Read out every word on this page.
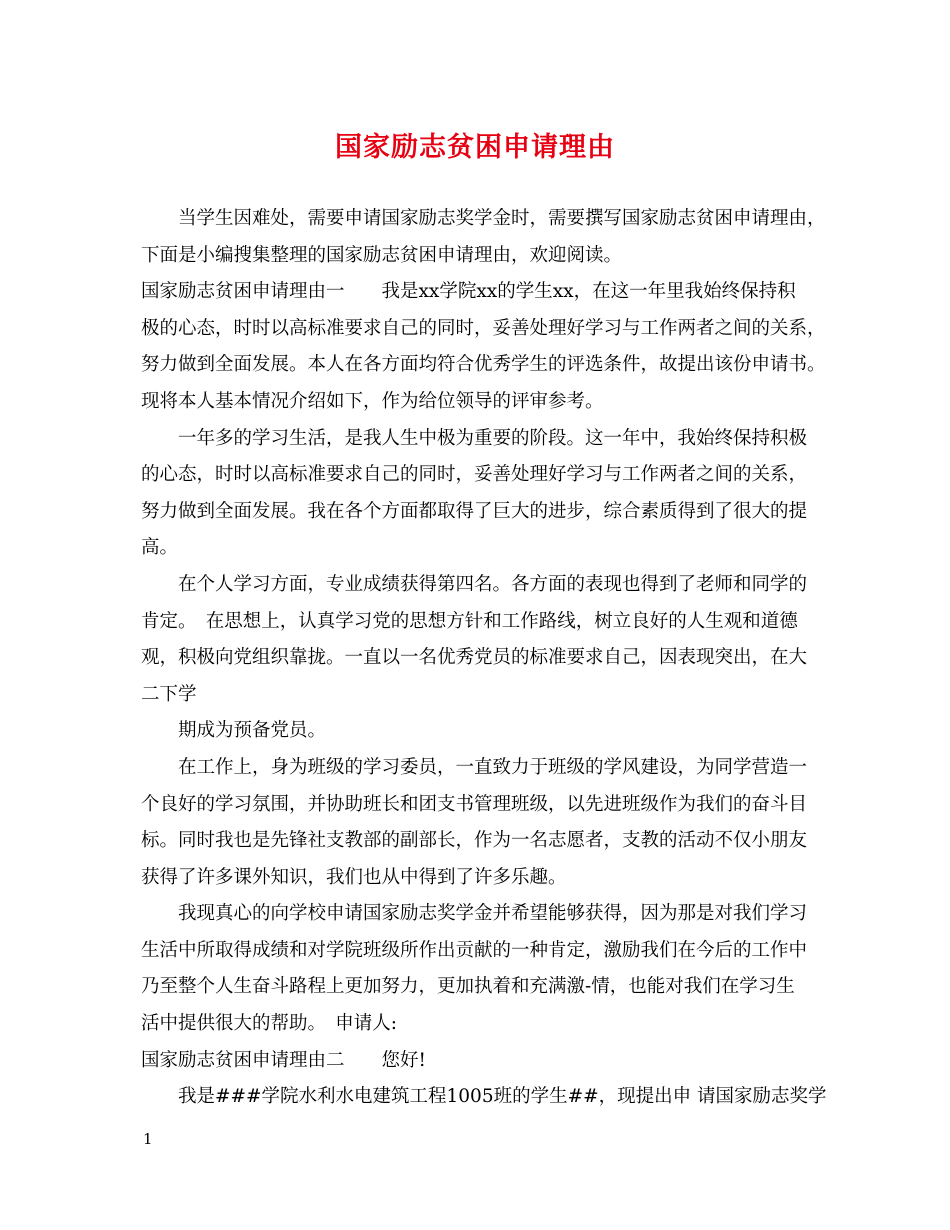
国家励志贫困申请理由
当学生因难处，需要申请国家励志奖学金时，需要撰写国家励志贫困申请理由，
下面是小编搜集整理的国家励志贫困申请理由，欢迎阅读。
国家励志贫困申请理由一　　我是xx学院xx的学生xx，在这一年里我始终保持积
极的心态，时时以高标准要求自己的同时，妥善处理好学习与工作两者之间的关系，
努力做到全面发展。本人在各方面均符合优秀学生的评选条件，故提出该份申请书。
现将本人基本情况介绍如下，作为给位领导的评审参考。
一年多的学习生活，是我人生中极为重要的阶段。这一年中，我始终保持积极
的心态，时时以高标准要求自己的同时，妥善处理好学习与工作两者之间的关系，
努力做到全面发展。我在各个方面都取得了巨大的进步，综合素质得到了很大的提
高。
在个人学习方面，专业成绩获得第四名。各方面的表现也得到了老师和同学的
肯定。　在思想上，认真学习党的思想方针和工作路线，树立良好的人生观和道德
观，积极向党组织靠拢。一直以一名优秀党员的标准要求自己，因表现突出，在大
二下学
期成为预备党员。
在工作上，身为班级的学习委员，一直致力于班级的学风建设，为同学营造一
个良好的学习氛围，并协助班长和团支书管理班级，以先进班级作为我们的奋斗目
标。同时我也是先锋社支教部的副部长，作为一名志愿者，支教的活动不仅小朋友
获得了许多课外知识，我们也从中得到了许多乐趣。
我现真心的向学校申请国家励志奖学金并希望能够获得，因为那是对我们学习
生活中所取得成绩和对学院班级所作出贡献的一种肯定，激励我们在今后的工作中
乃至整个人生奋斗路程上更加努力，更加执着和充满激-情，也能对我们在学习生
活中提供很大的帮助。　申请人:
国家励志贫困申请理由二　　您好!
我是###学院水利水电建筑工程1005班的学生##，现提出申 请国家励志奖学
1
